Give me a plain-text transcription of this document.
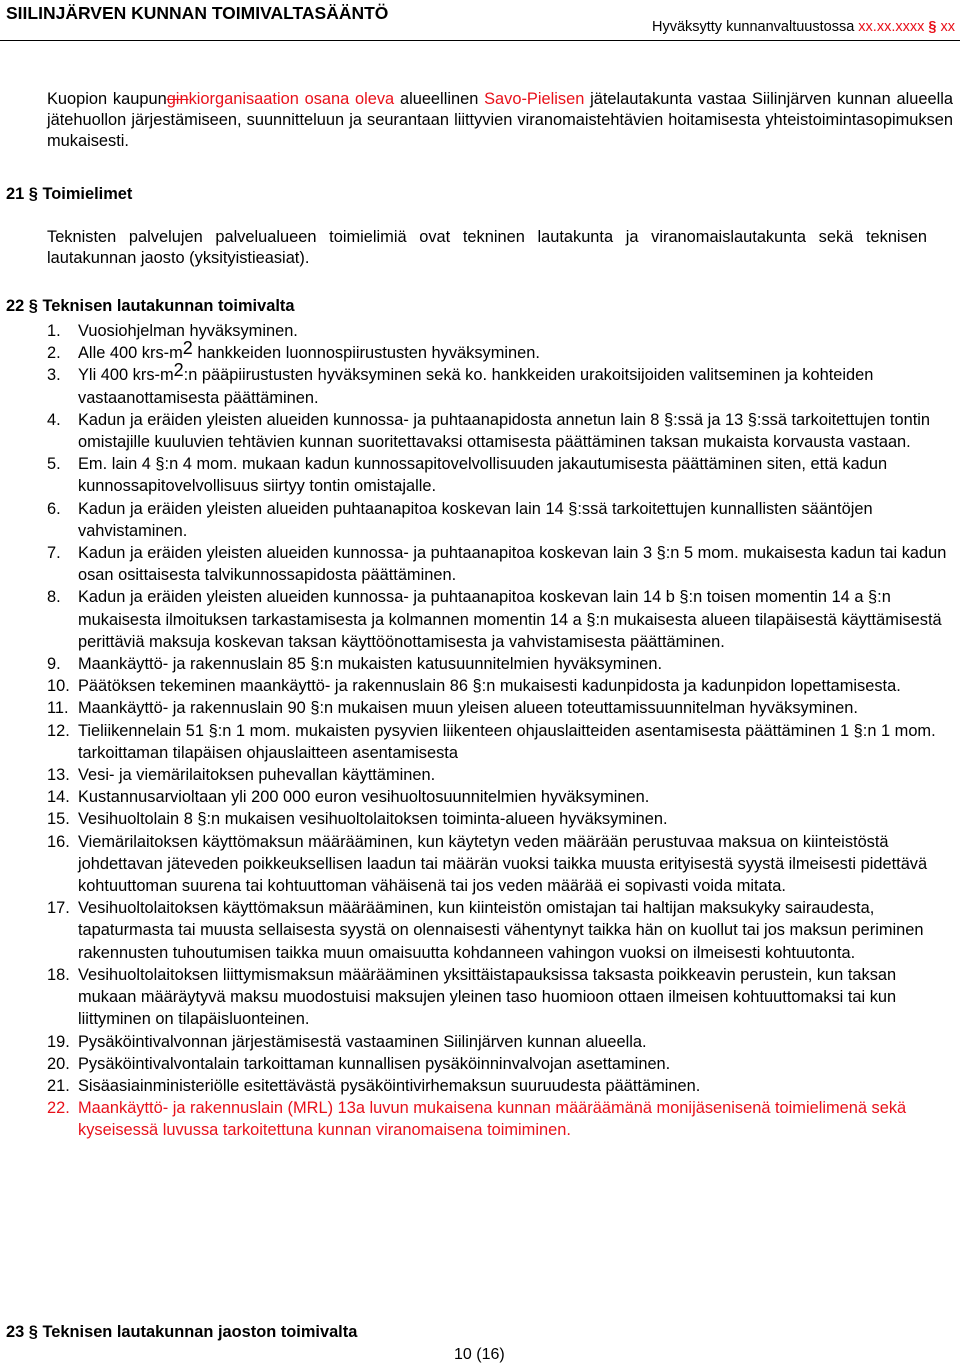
SIILINJÄRVEN KUNNAN TOIMIVALTASÄÄNTÖ
Hyväksytty kunnanvaltuustossa xx.xx.xxxx § xx

Kuopion kaupunginkiorganisaation osana oleva alueellinen Savo-Pielisen jätelautakunta vastaa Siilinjärven kunnan alueella jätehuollon järjestämiseen, suunnitteluun ja seurantaan liittyvien viranomaistehtävien hoitamisesta yhteistoimintasopimuksen mukaisesti.

21 § Toimielimet

Teknisten palvelujen palvelualueen toimielimiä ovat tekninen lautakunta ja viranomaislautakunta sekä teknisen lautakunnan jaosto (yksityistieasiat).

22 § Teknisen lautakunnan toimivalta
1.	Vuosiohjelman hyväksyminen.
2.	Alle 400 krs-$m^2$ hankkeiden luonnospiirustusten hyväksyminen.
3.	Yli 400 krs-$m^2:n$ pääpiirustusten hyväksyminen sekä ko. hankkeiden urakoitsijoiden valitseminen ja kohteiden vastaanottamisesta päättäminen.
4.	Kadun ja eräiden yleisten alueiden kunnossa- ja puhtaanapidosta annetun lain 8 §:ssä ja 13 §:ssä tarkoitettujen tontin omistajille kuuluvien tehtävien kunnan suoritettavaksi ottamisesta päättäminen taksan mukaista korvausta vastaan.
5.	Em. lain 4 §:n 4 mom. mukaan kadun kunnossapitovelvollisuuden jakautumisesta päättäminen siten, että kadun kunnossapitovelvollisuus siirtyy tontin omistajalle.
6.	Kadun ja eräiden yleisten alueiden puhtaanapitoa koskevan lain 14 §:ssä tarkoitettujen kunnallisten sääntöjen vahvistaminen.
7.	Kadun ja eräiden yleisten alueiden kunnossa- ja puhtaanapitoa koskevan lain 3 §:n 5 mom. mukaisesta kadun tai kadun osan osittaisesta talvikunnossapidosta päättäminen.
8.	Kadun ja eräiden yleisten alueiden kunnossa- ja puhtaanapitoa koskevan lain 14 b §:n toisen momentin 14 a §:n mukaisesta ilmoituksen tarkastamisesta ja kolmannen momentin 14 a §:n mukaisesta alueen tilapäisestä käyttämisestä perittäviä maksuja koskevan taksan käyttöönottamisesta ja vahvistamisesta päättäminen.
9.	Maankäyttö- ja rakennuslain 85 §:n mukaisten katusuunnitelmien hyväksyminen.
10. Päätöksen tekeminen maankäyttö- ja rakennuslain 86 §:n mukaisesti kadunpidosta ja kadunpidon lopettamisesta.
11. Maankäyttö- ja rakennuslain 90 §:n mukaisen muun yleisen alueen toteuttamissuunnitelman hyväksyminen.
12. Tieliikennelain 51 §:n 1 mom. mukaisten pysyvien liikenteen ohjauslaitteiden asentamisesta päättäminen 1 §:n 1 mom. tarkoittaman tilapäisen ohjauslaitteen asentamisesta
13. Vesi- ja viemärilaitoksen puhevallan käyttäminen.
14. Kustannusarvioltaan yli 200 000 euron vesihuoltosuunnitelmien hyväksyminen.
15. Vesihuoltolain 8 §:n mukaisen vesihuoltolaitoksen toiminta-alueen hyväksyminen.
16. Viemärilaitoksen käyttömaksun määrääminen, kun käytetyn veden määrään perustuvaa maksua on kiinteistöstä johdettavan jäteveden poikkeuksellisen laadun tai määrän vuoksi taikka muusta erityisestä syystä ilmeisesti pidettävä kohtuuttoman suurena tai kohtuuttoman vähäisenä tai jos veden määrää ei sopivasti voida mitata.
17. Vesihuoltolaitoksen käyttömaksun määrääminen, kun kiinteistön omistajan tai haltijan maksukyky sairaudesta, tapaturmasta tai muusta sellaisesta syystä on olennaisesti vähentynyt taikka hän on kuollut tai jos maksun periminen rakennusten tuhoutumisen taikka muun omaisuutta kohdanneen vahingon vuoksi on ilmeisesti kohtuutonta.
18. Vesihuoltolaitoksen liittymismaksun määrääminen yksittäistapauksissa taksasta poikkeavin perustein, kun taksan mukaan määräytyvä maksu muodostuisi maksujen yleinen taso huomioon ottaen ilmeisen kohtuuttomaksi tai kun liittyminen on tilapäisluonteinen.
19. Pysäköintivalvonnan järjestämisestä vastaaminen Siilinjärven kunnan alueella.
20. Pysäköintivalvontalain tarkoittaman kunnallisen pysäköinninvalvojan asettaminen.
21. Sisäasiainministeriölle esitettävästä pysäköintivirhemaksun suuruudesta päättäminen.
22. Maankäyttö- ja rakennuslain (MRL) 13a luvun mukaisena kunnan määräämänä monijäsenisenä toimielimenä sekä kyseisessä luvussa tarkoitettuna kunnan viranomaisena toimiminen.
23 § Teknisen lautakunnan jaoston toimivalta
10 (16)
